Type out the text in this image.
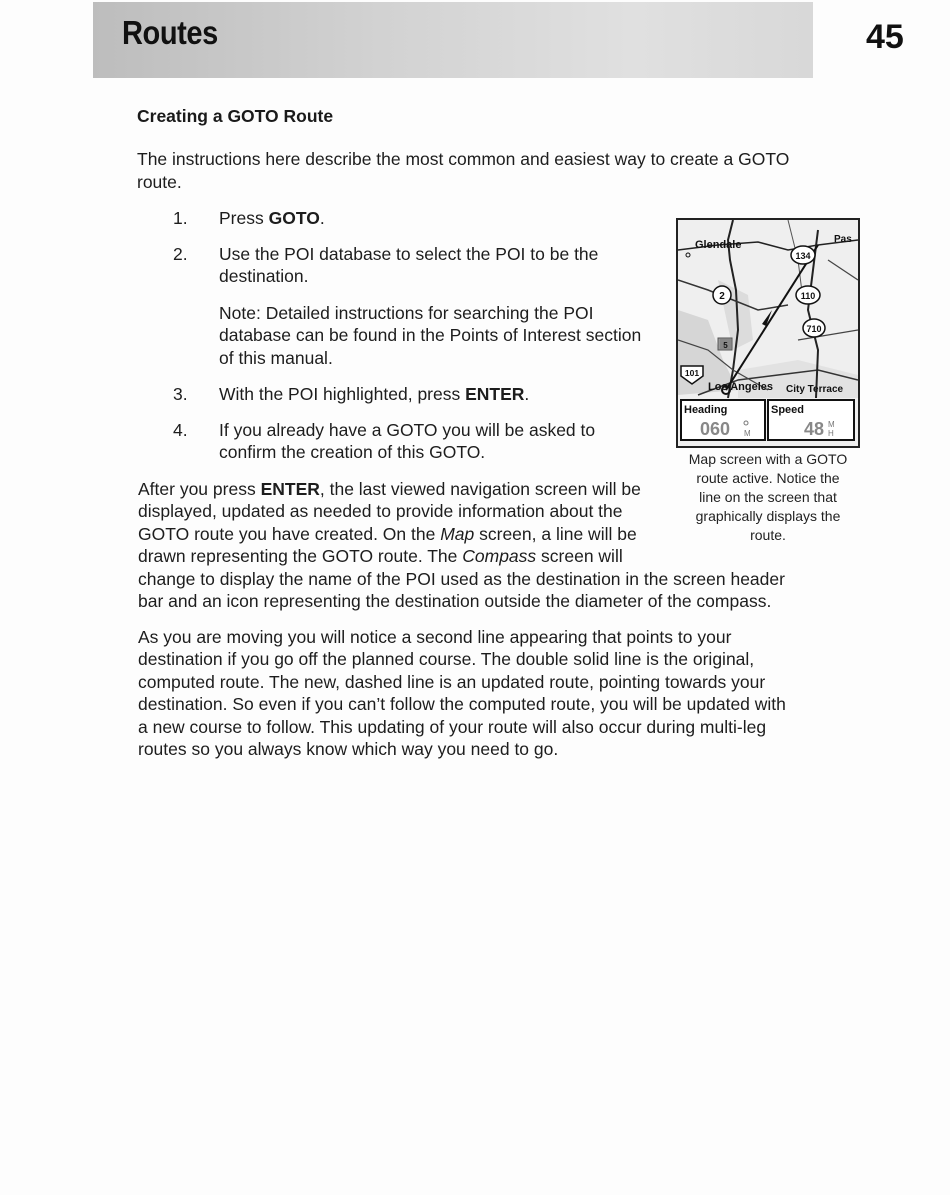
Routes	45
Creating a GOTO Route

The instructions here describe the most common and easiest way to create a GOTO

route.

1. Press GOTO.

2. Use the POI database to select the POI to be the

destination.

Note: Detailed instructions for searching the POI

database can be found in the Points of Interest section

of this manual.

3. With the POI highlighted, press ENTER.

4. If you already have a GOTO you will be asked to

confirm the creation of this GOTO.

After you press ENTER, the last viewed navigation screen will be

displayed, updated as needed to provide information about the

GOTO route you have created. On the Map screen, a line will be

drawn representing the GOTO route. The Compass screen will

change to display the name of the POI used as the destination in the screen header

bar and an icon representing the destination outside the diameter of the compass.

As you are moving you will notice a second line appearing that points to your

destination if you go off the planned course. The double solid line is the original,

computed route. The new, dashed line is an updated route, pointing towards your

destination. So even if you can’t follow the computed route, you will be updated with

a new course to follow. This updating of your route will also occur during multi-leg

routes so you always know which way you need to go.

Glendale	Pas
Los Angeles City Terrace
2
134
110
710
101
5
Heading
060 M
Speed
48 M
H
Map screen with a GOTO
route active. Notice the
line on the screen that
graphically displays the
route.
